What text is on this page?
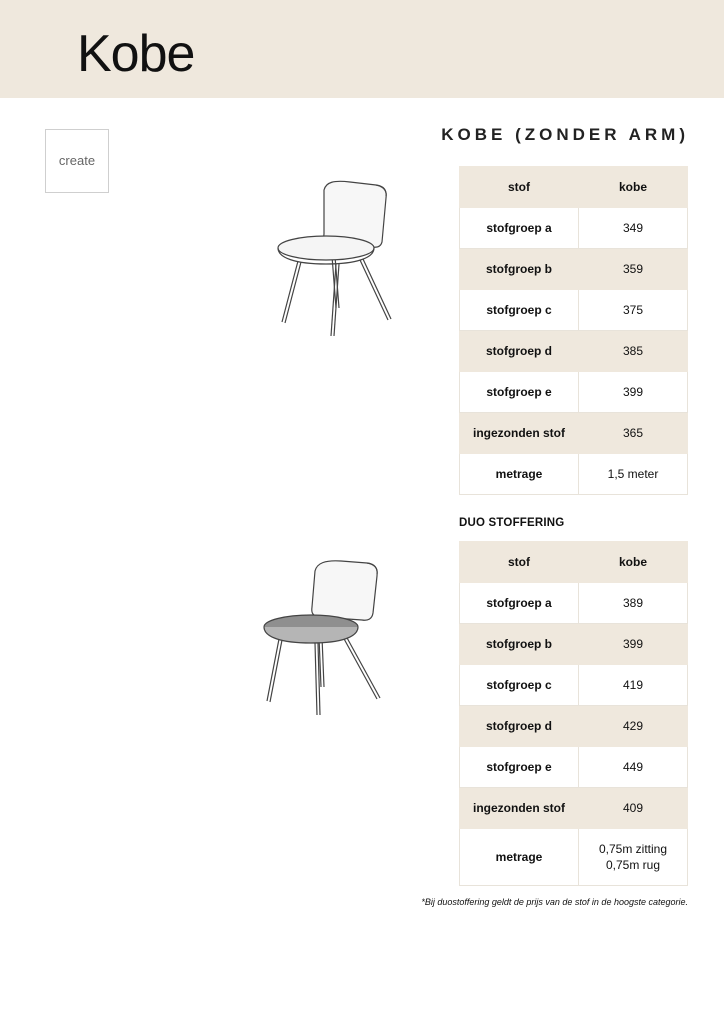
Kobe
create
KOBE (ZONDER ARM)
stof	kobe
stofgroep a	349
stofgroep b	359
stofgroep c	375
stofgroep d	385
stofgroep e	399
ingezonden stof	365
metrage	1,5 meter
DUO STOFFERING
stof	kobe
stofgroep a	389
stofgroep b	399
stofgroep c	419
stofgroep d	429
stofgroep e	449
ingezonden stof	409
metrage	0,75m zitting
0,75m rug
*Bij duostoffering geldt de prijs van de stof in de hoogste categorie.
